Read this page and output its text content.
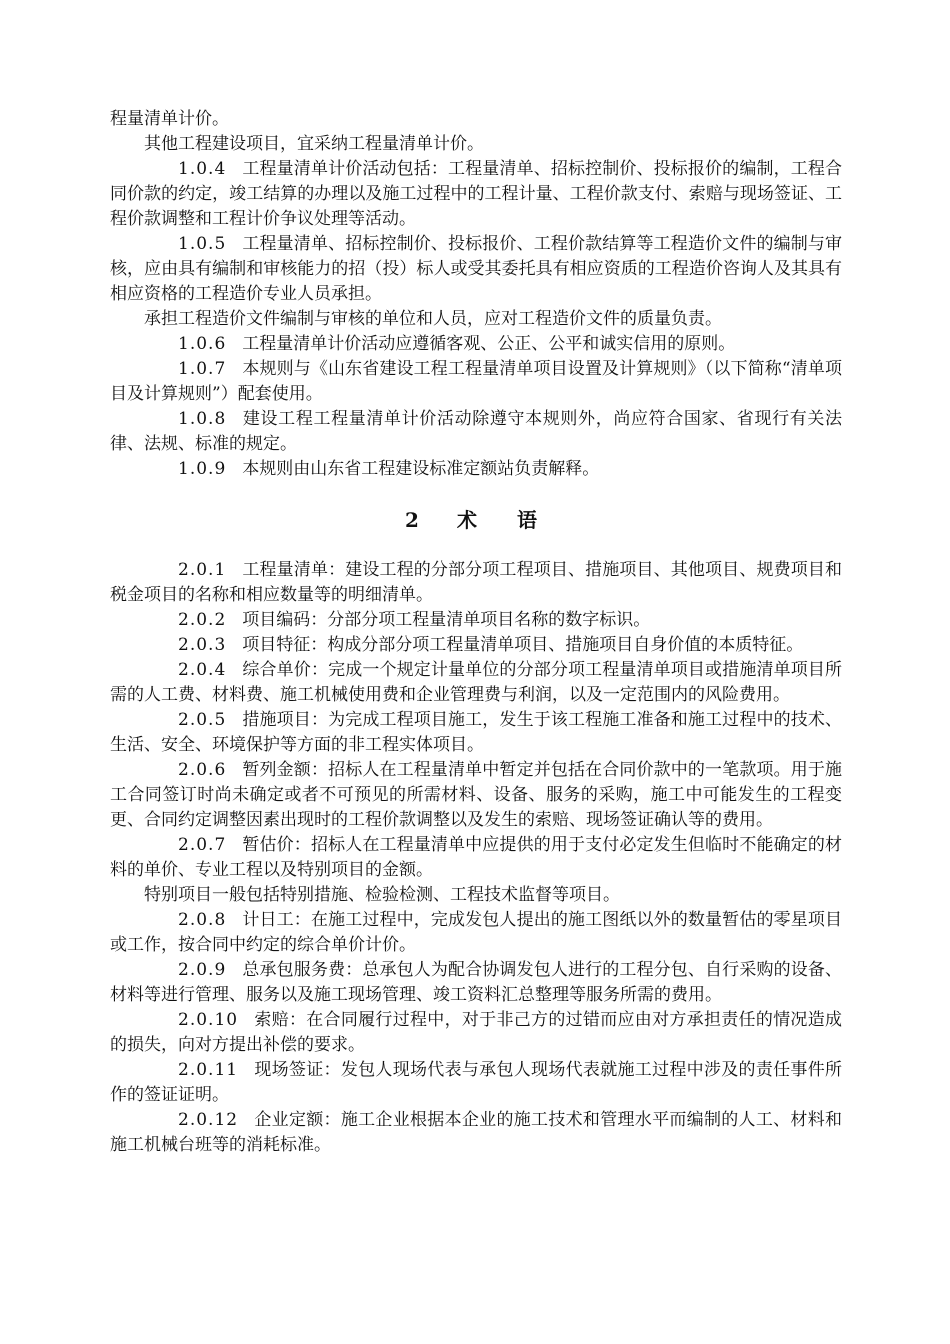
程量清单计价。

其他工程建设项目，宜采纳工程量清单计价。

1.0.4 工程量清单计价活动包括：工程量清单、招标控制价、投标报价的编制，工程合同价款的约定，竣工结算的办理以及施工过程中的工程计量、工程价款支付、索赔与现场签证、工程价款调整和工程计价争议处理等活动。

1.0.5 工程量清单、招标控制价、投标报价、工程价款结算等工程造价文件的编制与审核，应由具有编制和审核能力的招（投）标人或受其委托具有相应资质的工程造价咨询人及其具有相应资格的工程造价专业人员承担。

承担工程造价文件编制与审核的单位和人员，应对工程造价文件的质量负责。

1.0.6 工程量清单计价活动应遵循客观、公正、公平和诚实信用的原则。

1.0.7 本规则与《山东省建设工程工程量清单项目设置及计算规则》（以下简称“清单项目及计算规则”）配套使用。

1.0.8 建设工程工程量清单计价活动除遵守本规则外，尚应符合国家、省现行有关法律、法规、标准的规定。

1.0.9 本规则由山东省工程建设标准定额站负责解释。

2 术　语

2.0.1 工程量清单：建设工程的分部分项工程项目、措施项目、其他项目、规费项目和税金项目的名称和相应数量等的明细清单。

2.0.2 项目编码：分部分项工程量清单项目名称的数字标识。

2.0.3 项目特征：构成分部分项工程量清单项目、措施项目自身价值的本质特征。

2.0.4 综合单价：完成一个规定计量单位的分部分项工程量清单项目或措施清单项目所需的人工费、材料费、施工机械使用费和企业管理费与利润，以及一定范围内的风险费用。

2.0.5 措施项目：为完成工程项目施工，发生于该工程施工准备和施工过程中的技术、生活、安全、环境保护等方面的非工程实体项目。

2.0.6 暂列金额：招标人在工程量清单中暂定并包括在合同价款中的一笔款项。用于施工合同签订时尚未确定或者不可预见的所需材料、设备、服务的采购，施工中可能发生的工程变更、合同约定调整因素出现时的工程价款调整以及发生的索赔、现场签证确认等的费用。

2.0.7 暂估价：招标人在工程量清单中应提供的用于支付必定发生但临时不能确定的材料的单价、专业工程以及特别项目的金额。

特别项目一般包括特别措施、检验检测、工程技术监督等项目。

2.0.8 计日工：在施工过程中，完成发包人提出的施工图纸以外的数量暂估的零星项目或工作，按合同中约定的综合单价计价。

2.0.9 总承包服务费：总承包人为配合协调发包人进行的工程分包、自行采购的设备、材料等进行管理、服务以及施工现场管理、竣工资料汇总整理等服务所需的费用。

2.0.10 索赔：在合同履行过程中，对于非己方的过错而应由对方承担责任的情况造成的损失，向对方提出补偿的要求。

2.0.11 现场签证：发包人现场代表与承包人现场代表就施工过程中涉及的责任事件所作的签证证明。

2.0.12 企业定额：施工企业根据本企业的施工技术和管理水平而编制的人工、材料和施工机械台班等的消耗标准。
